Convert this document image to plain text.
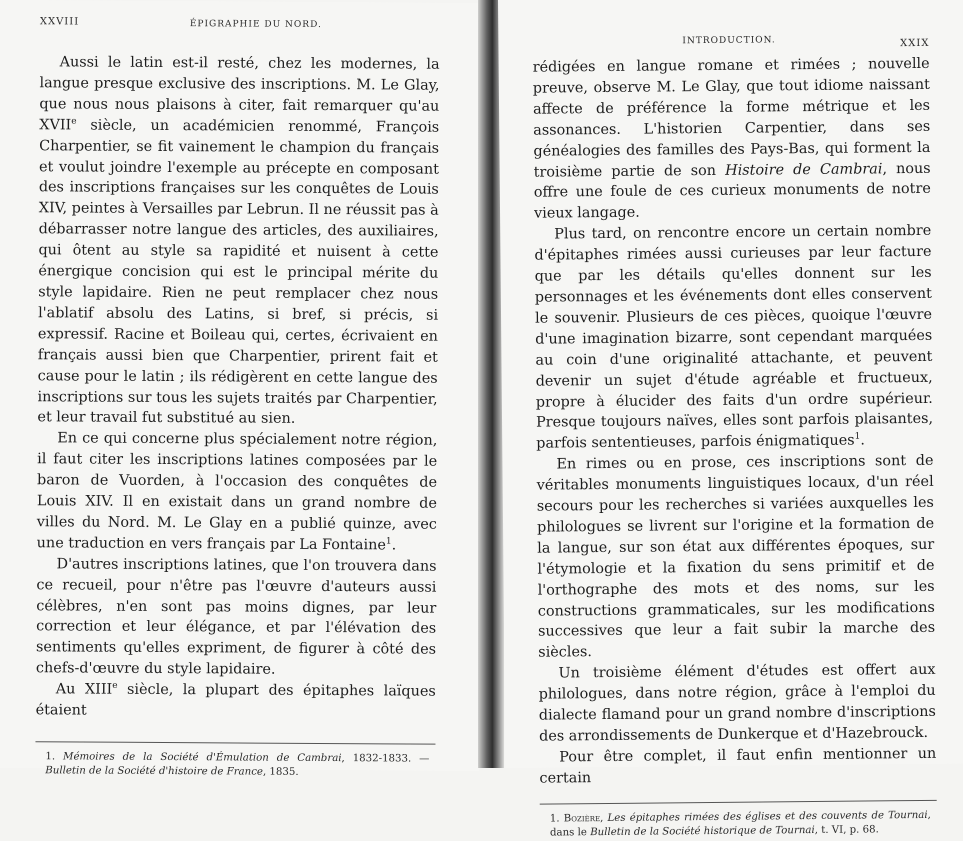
XXVIII	ÉPIGRAPHIE DU NORD.

Aussi le latin est-il resté, chez les modernes, la langue presque exclusive des inscriptions. M. Le Glay, que nous nous plaisons à citer, fait remarquer qu'au XVIIe siècle, un académicien renommé, François Charpentier, se fit vainement le champion du français et voulut joindre l'exemple au précepte en composant des inscriptions françaises sur les conquêtes de Louis XIV, peintes à Versailles par Lebrun. Il ne réussit pas à débarrasser notre langue des articles, des auxiliaires, qui ôtent au style sa rapidité et nuisent à cette énergique concision qui est le principal mérite du style lapidaire. Rien ne peut remplacer chez nous l'ablatif absolu des Latins, si bref, si précis, si expressif. Racine et Boileau qui, certes, écrivaient en français aussi bien que Charpentier, prirent fait et cause pour le latin ; ils rédigèrent en cette langue des inscriptions sur tous les sujets traités par Charpentier, et leur travail fut substitué au sien.

En ce qui concerne plus spécialement notre région, il faut citer les inscriptions latines composées par le baron de Vuorden, à l'occasion des conquêtes de Louis XIV. Il en existait dans un grand nombre de villes du Nord. M. Le Glay en a publié quinze, avec une traduction en vers français par La Fontaine$^1$.

D'autres inscriptions latines, que l'on trouvera dans ce recueil, pour n'être pas l'œuvre d'auteurs aussi célèbres, n'en sont pas moins dignes, par leur correction et leur élégance, et par l'élévation des sentiments qu'elles expriment, de figurer à côté des chefs-d'œuvre du style lapidaire.

Au XIIIe siècle, la plupart des épitaphes laïques étaient

1. Mémoires de la Société d'Émulation de Cambrai, 1832-1833. — Bulletin de la Société d'histoire de France, 1835.
INTRODUCTION.	XXIX

rédigées en langue romane et rimées ; nouvelle preuve, observe M. Le Glay, que tout idiome naissant affecte de préférence la forme métrique et les assonances. L'historien Carpentier, dans ses généalogies des familles des Pays-Bas, qui forment la troisième partie de son Histoire de Cambrai, nous offre une foule de ces curieux monuments de notre vieux langage.

Plus tard, on rencontre encore un certain nombre d'épitaphes rimées aussi curieuses par leur facture que par les détails qu'elles donnent sur les personnages et les événements dont elles conservent le souvenir. Plusieurs de ces pièces, quoique l'œuvre d'une imagination bizarre, sont cependant marquées au coin d'une originalité attachante, et peuvent devenir un sujet d'étude agréable et fructueux, propre à élucider des faits d'un ordre supérieur. Presque toujours naïves, elles sont parfois plaisantes, parfois sententieuses, parfois énigmatiques$^1$.

En rimes ou en prose, ces inscriptions sont de véritables monuments linguistiques locaux, d'un réel secours pour les recherches si variées auxquelles les philologues se livrent sur l'origine et la formation de la langue, sur son état aux différentes époques, sur l'étymologie et la fixation du sens primitif et de l'orthographe des mots et des noms, sur les constructions grammaticales, sur les modifications successives que leur a fait subir la marche des siècles.

Un troisième élément d'études est offert aux philologues, dans notre région, grâce à l'emploi du dialecte flamand pour un grand nombre d'inscriptions des arrondissements de Dunkerque et d'Hazebrouck.

Pour être complet, il faut enfin mentionner un certain

1. Bozière, Les épitaphes rimées des églises et des couvents de Tournai, dans le Bulletin de la Société historique de Tournai, t. VI, p. 68.
